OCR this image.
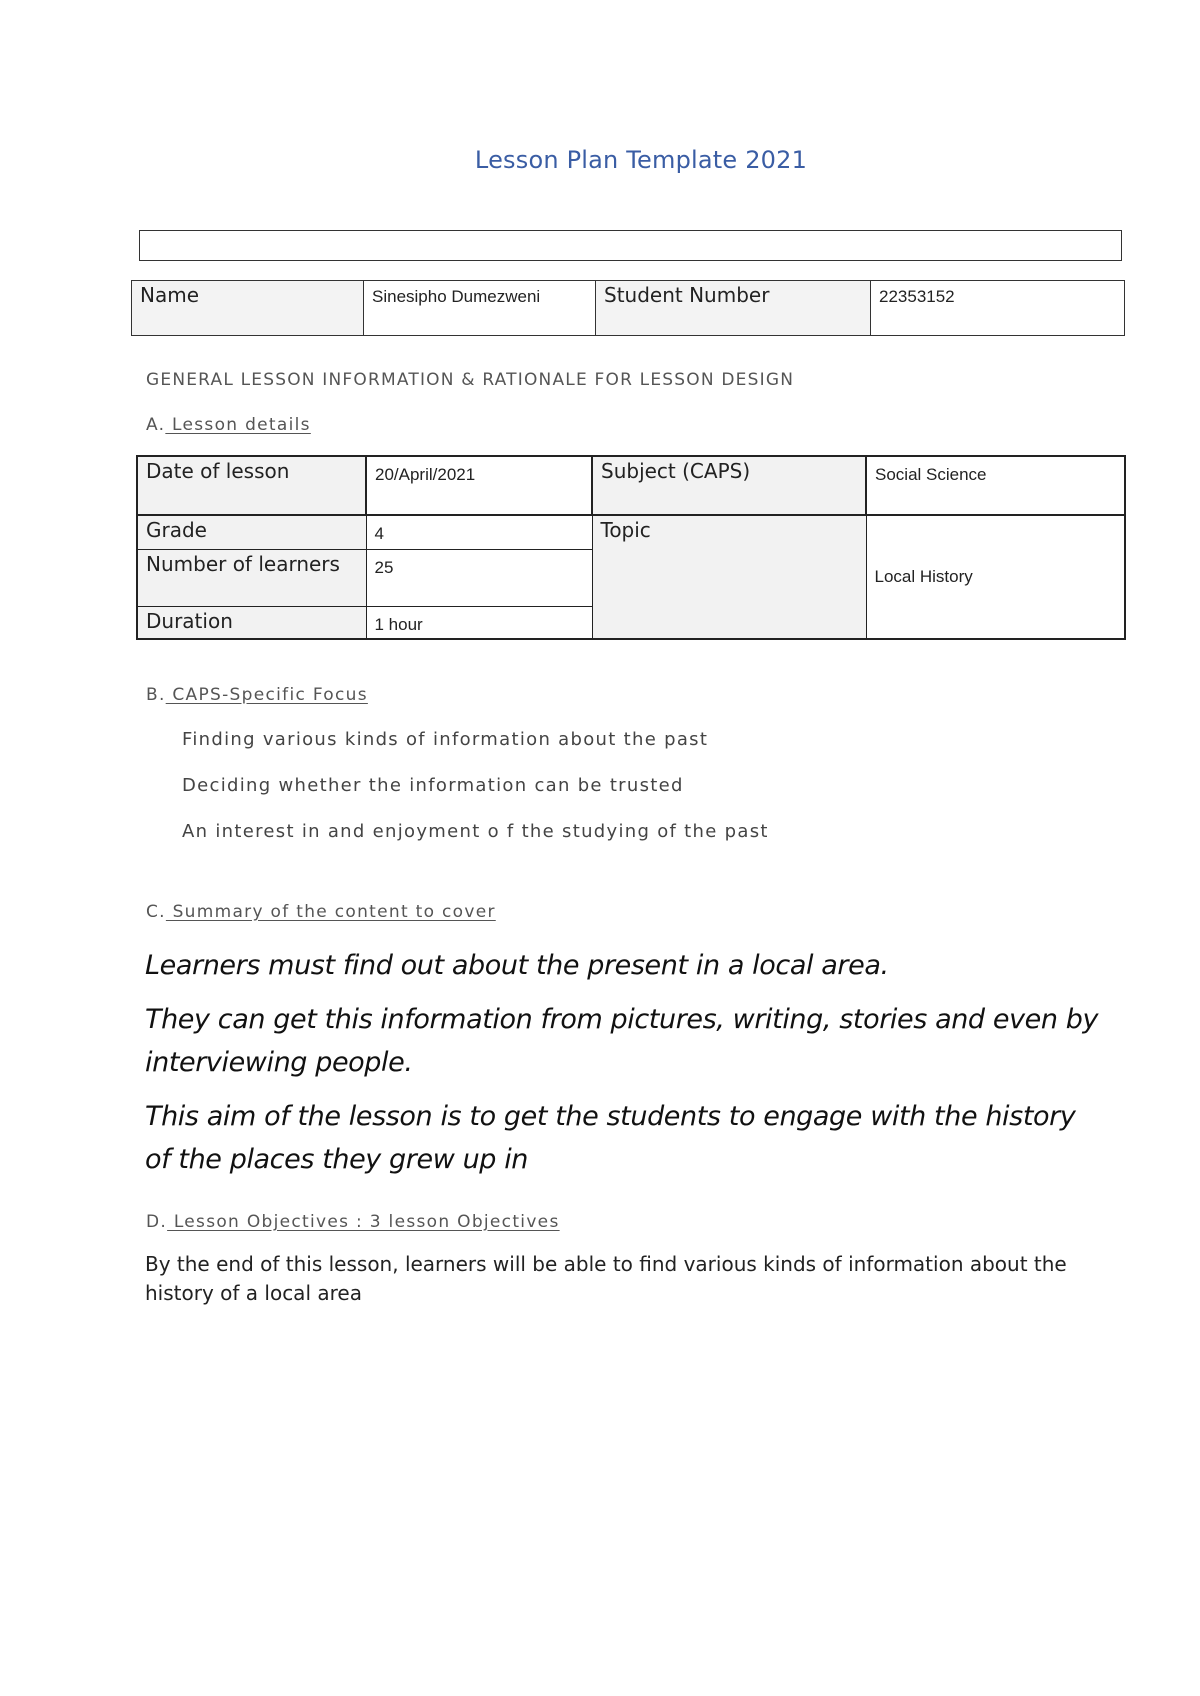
Lesson Plan Template 2021
Name	Sinesipho Dumezweni	Student Number	22353152
GENERAL LESSON INFORMATION & RATIONALE FOR LESSON DESIGN
A. Lesson details
Date of lesson	20/April/2021	Subject (CAPS)	Social Science
Grade	4	Topic	Local History
Number of learners	25		
Duration	1 hour		
B. CAPS-Specific Focus
Finding various kinds of information about the past
Deciding whether the information can be trusted
An interest in and enjoyment o f the studying of the past
C. Summary of the content to cover

Learners must find out about the present in a local area.

They can get this information from pictures, writing, stories and even by interviewing people.

This aim of the lesson is to get the students to engage with the history of the places they grew up in

D. Lesson Objectives : 3 lesson Objectives
By the end of this lesson, learners will be able to find various kinds of information about the history of a local area
